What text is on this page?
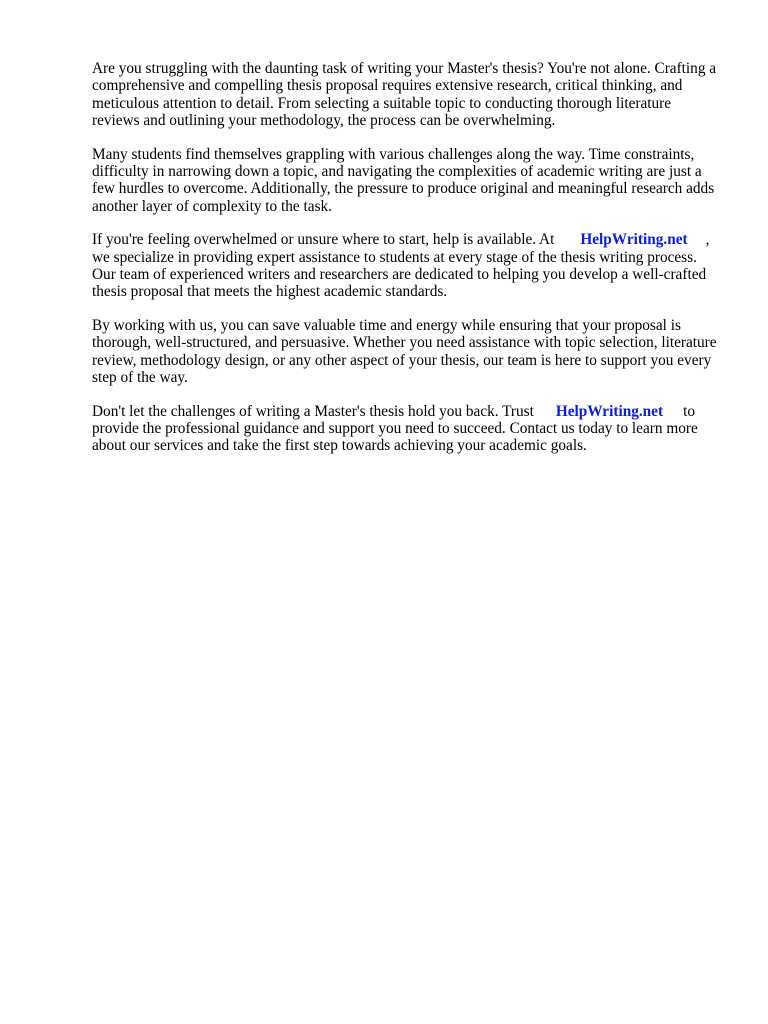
Are you struggling with the daunting task of writing your Master's thesis? You're not alone. Crafting a comprehensive and compelling thesis proposal requires extensive research, critical thinking, and meticulous attention to detail. From selecting a suitable topic to conducting thorough literature reviews and outlining your methodology, the process can be overwhelming.

Many students find themselves grappling with various challenges along the way. Time constraints, difficulty in narrowing down a topic, and navigating the complexities of academic writing are just a few hurdles to overcome. Additionally, the pressure to produce original and meaningful research adds another layer of complexity to the task.

If you're feeling overwhelmed or unsure where to start, help is available. At HelpWriting.net , we specialize in providing expert assistance to students at every stage of the thesis writing process. Our team of experienced writers and researchers are dedicated to helping you develop a well-crafted thesis proposal that meets the highest academic standards.

By working with us, you can save valuable time and energy while ensuring that your proposal is thorough, well-structured, and persuasive. Whether you need assistance with topic selection, literature review, methodology design, or any other aspect of your thesis, our team is here to support you every step of the way.

Don't let the challenges of writing a Master's thesis hold you back. Trust HelpWriting.net to provide the professional guidance and support you need to succeed. Contact us today to learn more about our services and take the first step towards achieving your academic goals.
